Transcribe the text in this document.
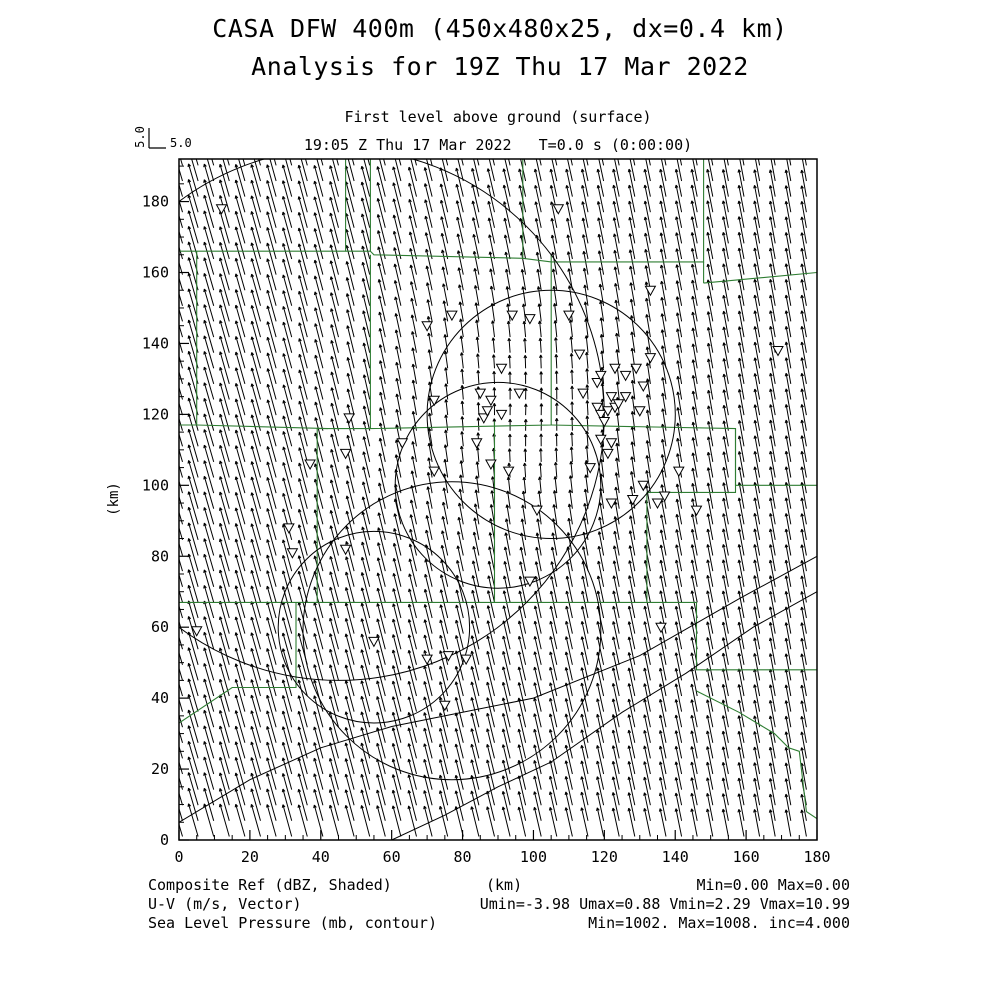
CASA DFW 400m (450x480x25, dx=0.4 km)
Analysis for 19Z Thu 17 Mar 2022
First level above ground (surface)
19:05 Z Thu 17 Mar 2022   T=0.0 s (0:00:00)
0	20	40	60	80	100	120	140	160	180
0
20
40
60
80
100
120
140
160
180
(km)
5.0
5.0
Composite Ref (dBZ, Shaded)	(km)	Min=0.00 Max=0.00
U-V (m/s, Vector)	Umin=-3.98 Umax=0.88 Vmin=2.29 Vmax=10.99
Sea Level Pressure (mb, contour)	Min=1002. Max=1008. inc=4.000
